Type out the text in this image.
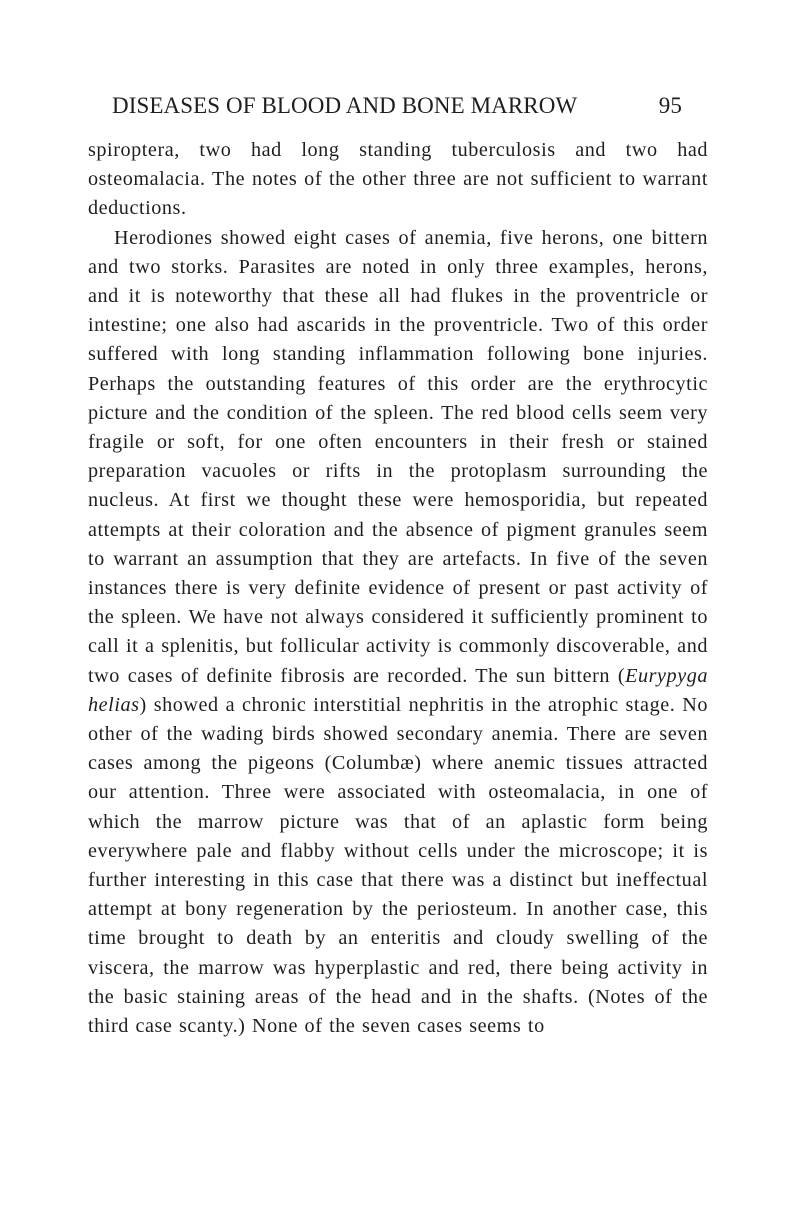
DISEASES OF BLOOD AND BONE MARROW	95

spiroptera, two had long standing tuberculosis and two had osteomalacia. The notes of the other three are not sufficient to warrant deductions.

Herodiones showed eight cases of anemia, five herons, one bittern and two storks. Parasites are noted in only three examples, herons, and it is noteworthy that these all had flukes in the proventricle or intestine; one also had ascarids in the proventricle. Two of this order suffered with long standing inflammation following bone injuries. Perhaps the outstanding features of this order are the erythrocytic picture and the condition of the spleen. The red blood cells seem very fragile or soft, for one often encounters in their fresh or stained preparation vacuoles or rifts in the protoplasm surrounding the nucleus. At first we thought these were hemosporidia, but repeated attempts at their coloration and the absence of pigment granules seem to warrant an assumption that they are artefacts. In five of the seven instances there is very definite evidence of present or past activity of the spleen. We have not always considered it sufficiently prominent to call it a splenitis, but follicular activity is commonly discoverable, and two cases of definite fibrosis are recorded. The sun bittern (Eurypyga helias) showed a chronic interstitial nephritis in the atrophic stage. No other of the wading birds showed secondary anemia. There are seven cases among the pigeons (Columbæ) where anemic tissues attracted our attention. Three were associated with osteomalacia, in one of which the marrow picture was that of an aplastic form being everywhere pale and flabby without cells under the microscope; it is further interesting in this case that there was a distinct but ineffectual attempt at bony regeneration by the periosteum. In another case, this time brought to death by an enteritis and cloudy swelling of the viscera, the marrow was hyperplastic and red, there being activity in the basic staining areas of the head and in the shafts. (Notes of the third case scanty.) None of the seven cases seems to
